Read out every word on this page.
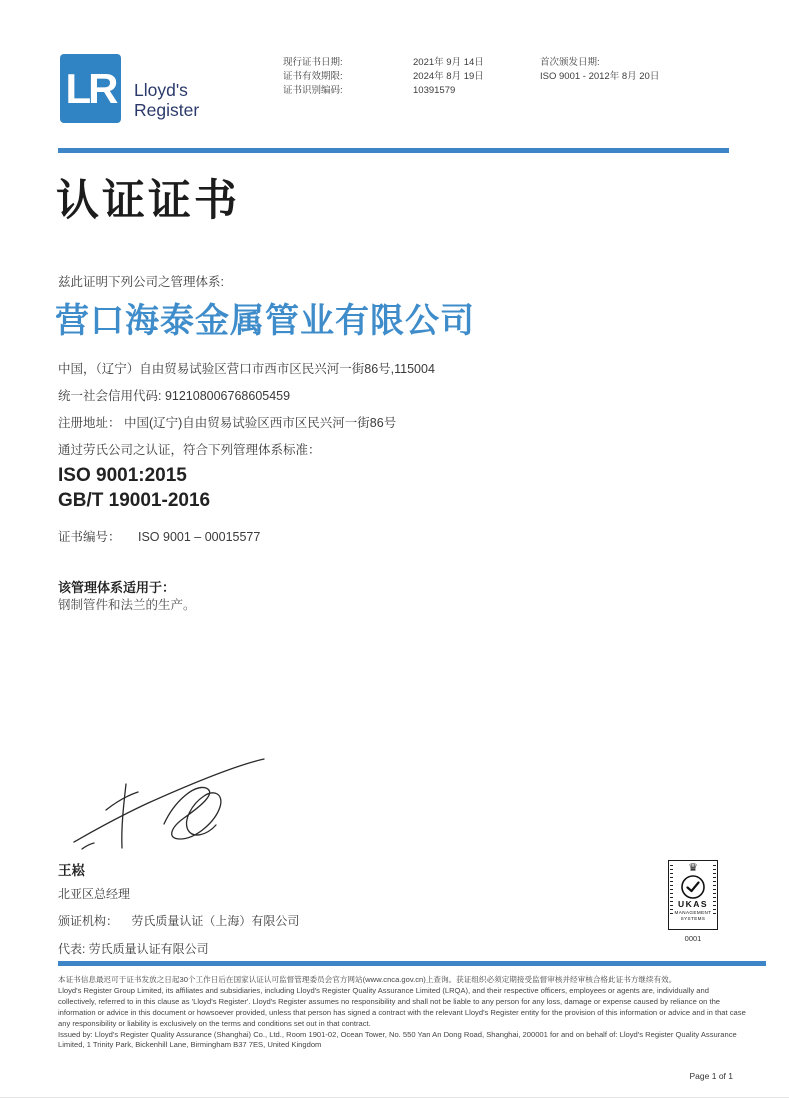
LR Lloyd's
Register
现行证书日期:
证书有效期限:
证书识别编码:
2021年 9月 14日
2024年 8月 19日
10391579
首次颁发日期:
ISO 9001 - 2012年 8月 20日
认证证书
兹此证明下列公司之管理体系:
营口海泰金属管业有限公司
中国，（辽宁）自由贸易试验区营口市西市区民兴河一街86号,115004
统一社会信用代码: 912108006768605459
注册地址： 中国(辽宁)自由贸易试验区西市区民兴河一街86号
通过劳氏公司之认证，符合下列管理体系标准：
ISO 9001:2015
GB/T 19001-2016
证书编号： ISO 9001 – 00015577
该管理体系适用于：
钢制管件和法兰的生产。
王崧
北亚区总经理
颁证机构： 劳氏质量认证（上海）有限公司
代表: 劳氏质量认证有限公司
♛
UKAS
MANAGEMENT
SYSTEMS
0001

本证书信息最迟可于证书发放之日起30个工作日后在国家认证认可监督管理委员会官方网站(www.cnca.gov.cn)上查询。获证组织必须定期接受监督审核并经审核合格此证书方继续有效。

Lloyd's Register Group Limited, its affiliates and subsidiaries, including Lloyd's Register Quality Assurance Limited (LRQA), and their respective officers, employees or agents are, individually and collectively, referred to in this clause as 'Lloyd's Register'. Lloyd's Register assumes no responsibility and shall not be liable to any person for any loss, damage or expense caused by reliance on the information or advice in this document or howsoever provided, unless that person has signed a contract with the relevant Lloyd's Register entity for the provision of this information or advice and in that case any responsibility or liability is exclusively on the terms and conditions set out in that contract.

Issued by: Lloyd's Register Quality Assurance (Shanghai) Co., Ltd., Room 1901-02, Ocean Tower, No. 550 Yan An Dong Road, Shanghai, 200001 for and on behalf of: Lloyd's Register Quality Assurance Limited, 1 Trinity Park, Bickenhill Lane, Birmingham B37 7ES, United Kingdom

Page 1 of 1
